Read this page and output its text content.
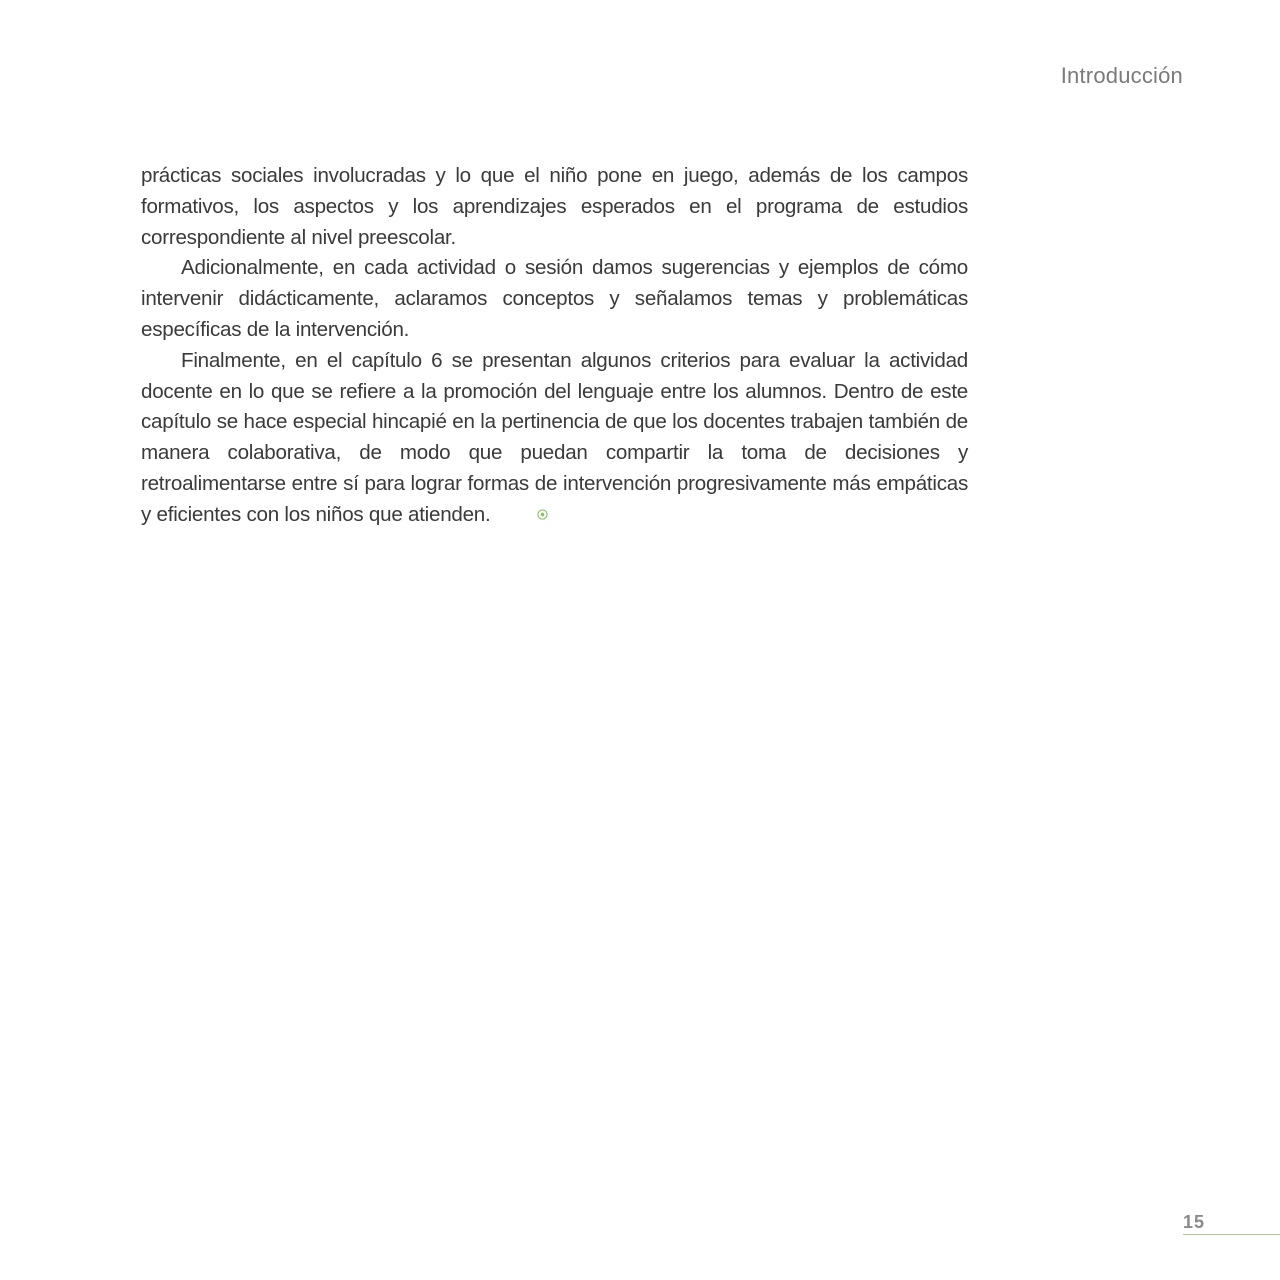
Introducción

prácticas sociales involucradas y lo que el niño pone en juego, además de los campos formativos, los aspectos y los aprendizajes esperados en el programa de estudios correspondiente al nivel preescolar.

Adicionalmente, en cada actividad o sesión damos sugerencias y ejemplos de cómo intervenir didácticamente, aclaramos conceptos y señalamos temas y problemáticas específicas de la intervención.

Finalmente, en el capítulo 6 se presentan algunos criterios para evaluar la actividad docente en lo que se refiere a la promoción del lenguaje entre los alumnos. Dentro de este capítulo se hace especial hincapié en la pertinencia de que los docentes trabajen también de manera colaborativa, de modo que puedan compartir la toma de decisiones y retroalimentarse entre sí para lograr formas de intervención progresivamente más empáticas y eficientes con los niños que atienden.

15
